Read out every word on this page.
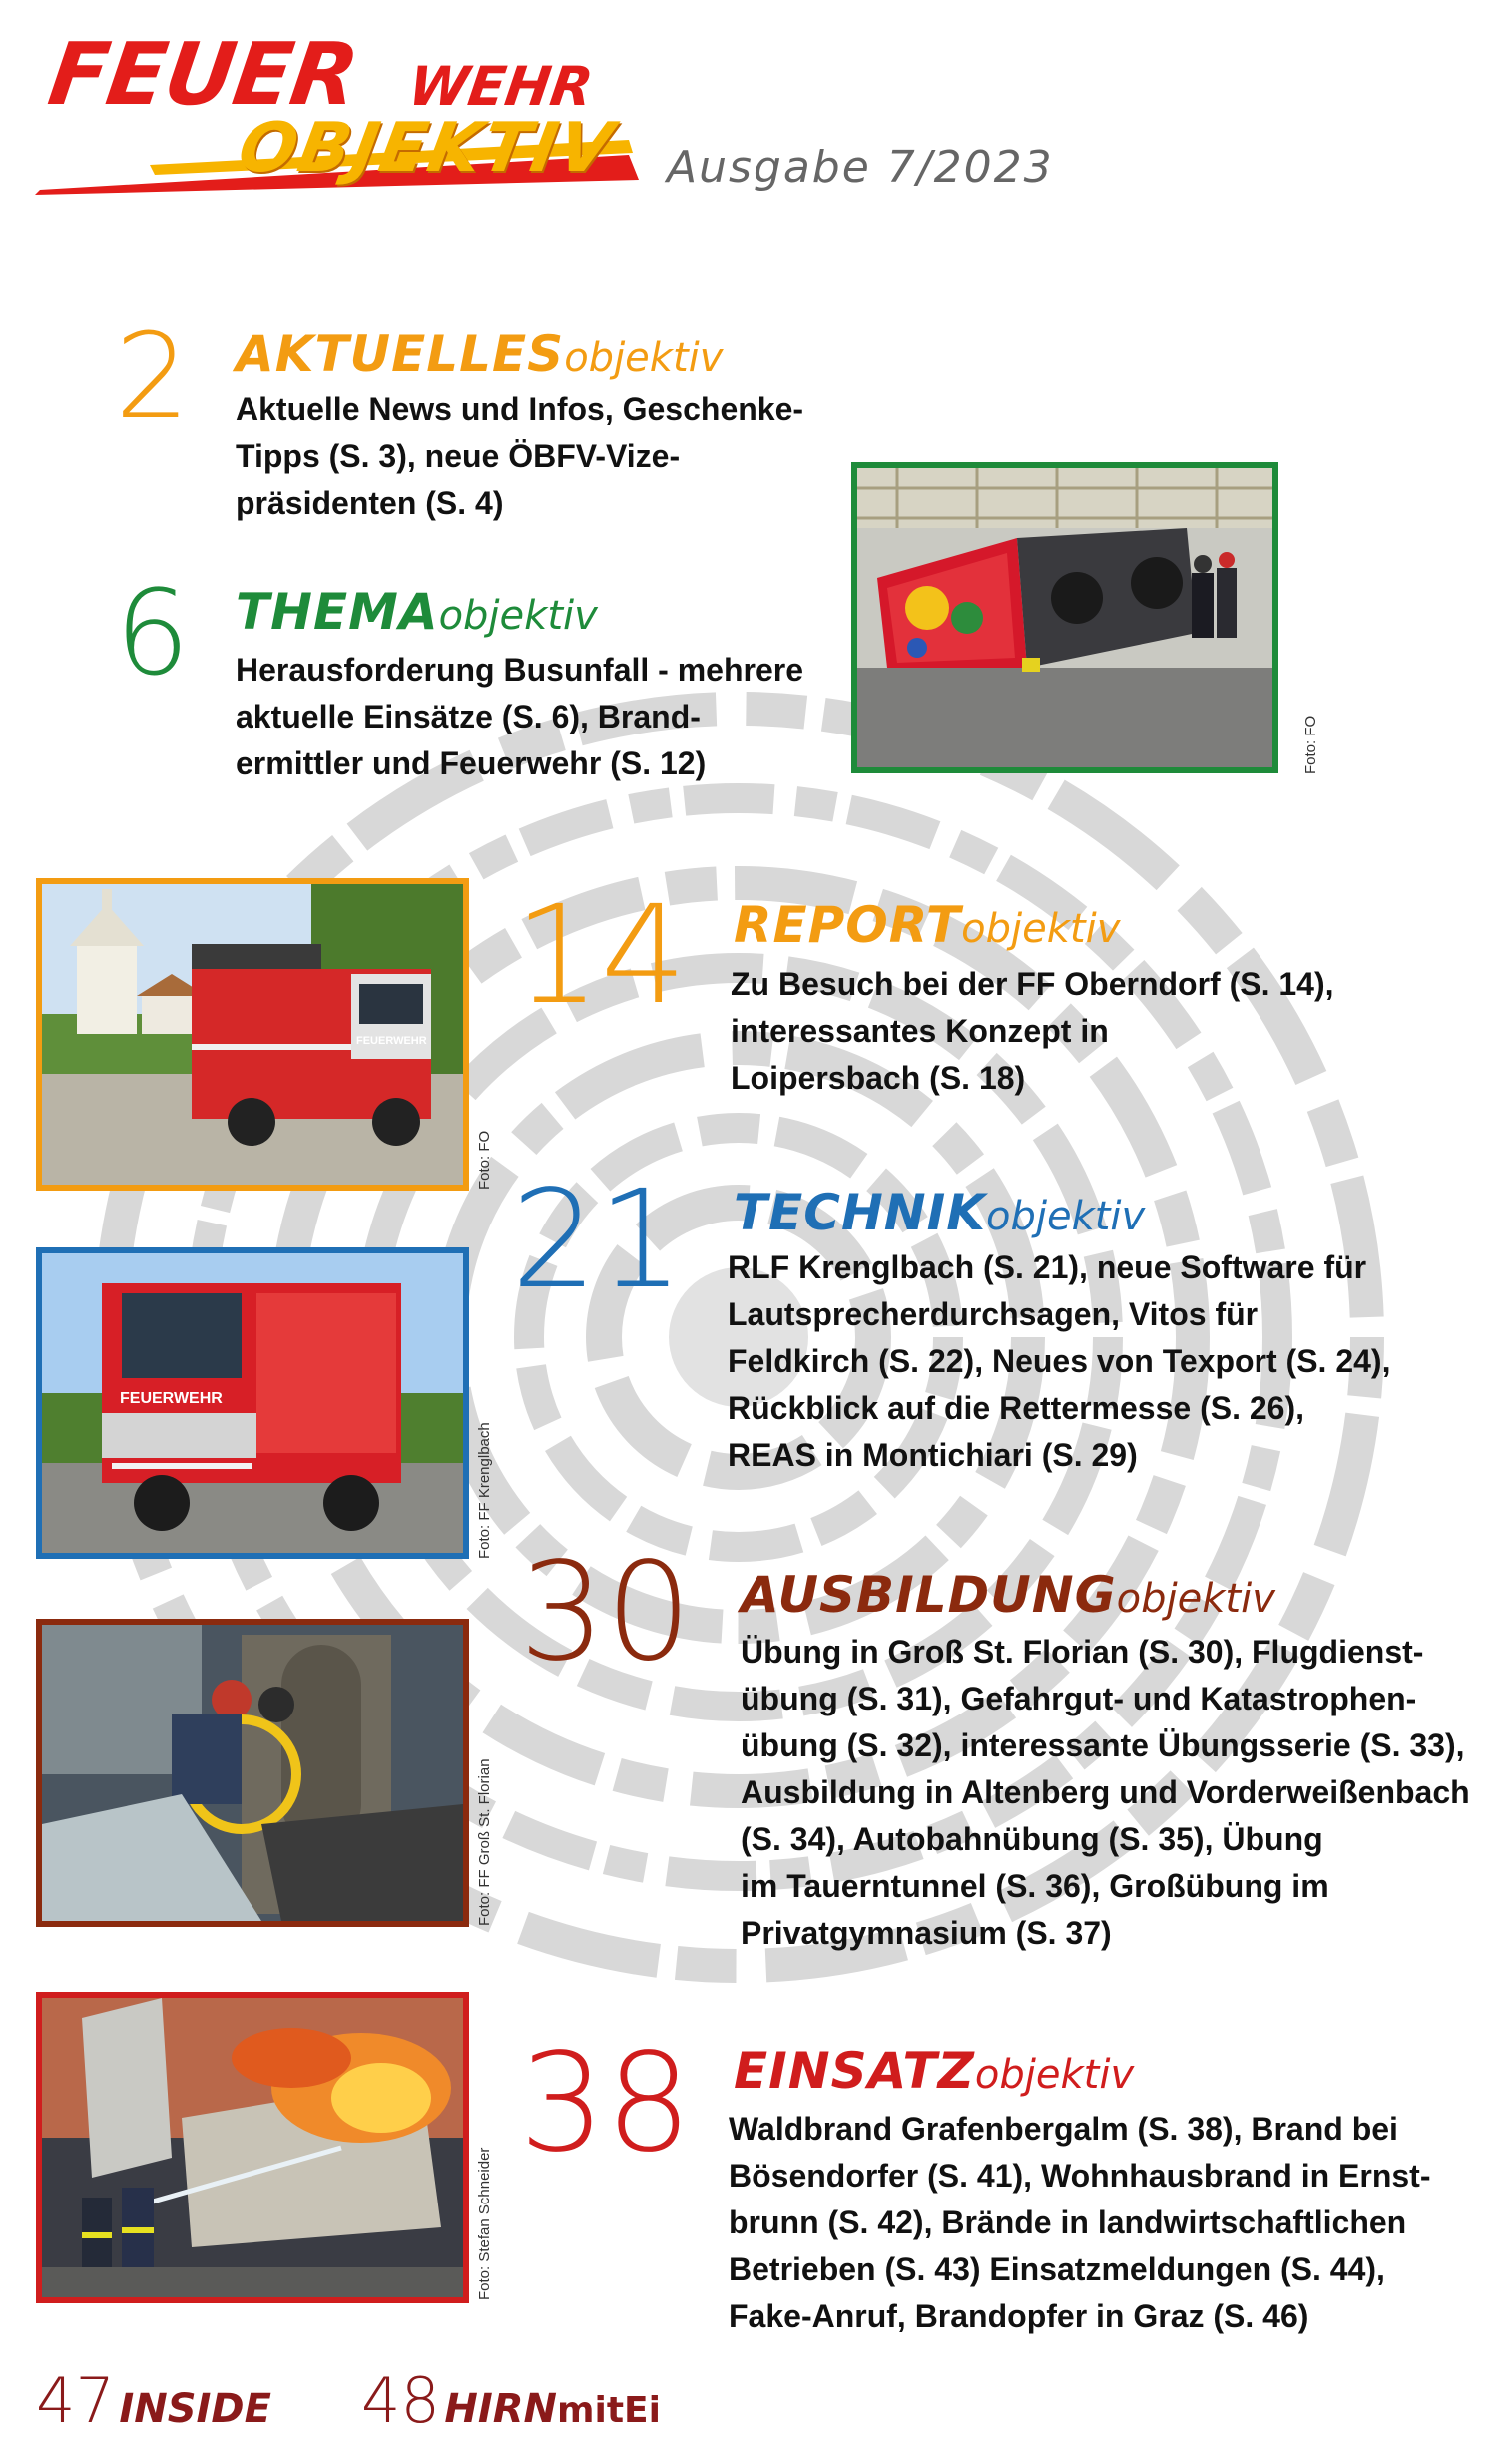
FEUER WEHR
OBJEKTIV Ausgabe 7/2023
2 AKTUELLESobjektiv
Aktuelle News und Infos, Geschenke-
Tipps (S. 3), neue ÖBFV-Vize-
präsidenten (S. 4)
6 THEMAobjektiv
Herausforderung Busunfall - mehrere
aktuelle Einsätze (S. 6), Brand-
ermittler und Feuerwehr (S. 12)	Foto: FO
FEUERWEHR
Foto: FO
14 REPORTobjektiv
Zu Besuch bei der FF Oberndorf (S. 14),
interessantes Konzept in
Loipersbach (S. 18)
FEUERWEHR
Foto: FF Krenglbach
21 TECHNIKobjektiv
RLF Krenglbach (S. 21), neue Software für
Lautsprecherdurchsagen, Vitos für
Feldkirch (S. 22), Neues von Texport (S. 24),
Rückblick auf die Rettermesse (S. 26),
REAS in Montichiari (S. 29)
Foto: FF Groß St. Florian
30 AUSBILDUNGobjektiv
Übung in Groß St. Florian (S. 30), Flugdienst-
übung (S. 31), Gefahrgut- und Katastrophen-
übung (S. 32), interessante Übungsserie (S. 33),
Ausbildung in Altenberg und Vorderweißenbach
(S. 34), Autobahnübung (S. 35), Übung
im Tauerntunnel (S. 36), Großübung im
Privatgymnasium (S. 37)
Foto: Stefan Schneider
38 EINSATZobjektiv
Waldbrand Grafenbergalm (S. 38), Brand bei
Bösendorfer (S. 41), Wohnhausbrand in Ernst-
brunn (S. 42), Brände in landwirtschaftlichen
Betrieben (S. 43) Einsatzmeldungen (S. 44),
Fake-Anruf, Brandopfer in Graz (S. 46)
47 INSIDE 48 HIRNmitEi
